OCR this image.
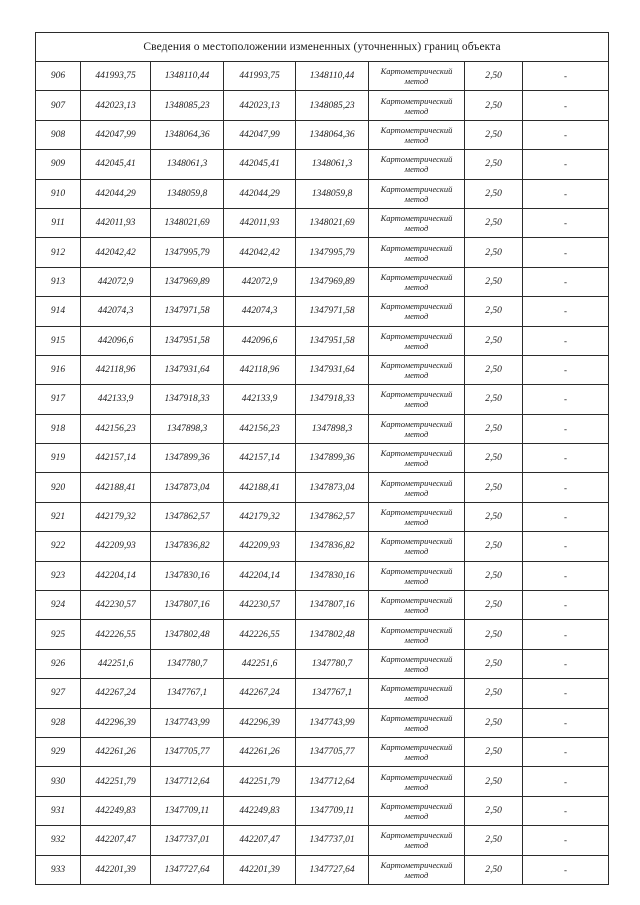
Сведения о местоположении измененных (уточненных) границ объекта							
906	441993,75	1348110,44	441993,75	1348110,44	Картометрический метод	2,50	-
907	442023,13	1348085,23	442023,13	1348085,23	Картометрический метод	2,50	-
908	442047,99	1348064,36	442047,99	1348064,36	Картометрический метод	2,50	-
909	442045,41	1348061,3	442045,41	1348061,3	Картометрический метод	2,50	-
910	442044,29	1348059,8	442044,29	1348059,8	Картометрический метод	2,50	-
911	442011,93	1348021,69	442011,93	1348021,69	Картометрический метод	2,50	-
912	442042,42	1347995,79	442042,42	1347995,79	Картометрический метод	2,50	-
913	442072,9	1347969,89	442072,9	1347969,89	Картометрический метод	2,50	-
914	442074,3	1347971,58	442074,3	1347971,58	Картометрический метод	2,50	-
915	442096,6	1347951,58	442096,6	1347951,58	Картометрический метод	2,50	-
916	442118,96	1347931,64	442118,96	1347931,64	Картометрический метод	2,50	-
917	442133,9	1347918,33	442133,9	1347918,33	Картометрический метод	2,50	-
918	442156,23	1347898,3	442156,23	1347898,3	Картометрический метод	2,50	-
919	442157,14	1347899,36	442157,14	1347899,36	Картометрический метод	2,50	-
920	442188,41	1347873,04	442188,41	1347873,04	Картометрический метод	2,50	-
921	442179,32	1347862,57	442179,32	1347862,57	Картометрический метод	2,50	-
922	442209,93	1347836,82	442209,93	1347836,82	Картометрический метод	2,50	-
923	442204,14	1347830,16	442204,14	1347830,16	Картометрический метод	2,50	-
924	442230,57	1347807,16	442230,57	1347807,16	Картометрический метод	2,50	-
925	442226,55	1347802,48	442226,55	1347802,48	Картометрический метод	2,50	-
926	442251,6	1347780,7	442251,6	1347780,7	Картометрический метод	2,50	-
927	442267,24	1347767,1	442267,24	1347767,1	Картометрический метод	2,50	-
928	442296,39	1347743,99	442296,39	1347743,99	Картометрический метод	2,50	-
929	442261,26	1347705,77	442261,26	1347705,77	Картометрический метод	2,50	-
930	442251,79	1347712,64	442251,79	1347712,64	Картометрический метод	2,50	-
931	442249,83	1347709,11	442249,83	1347709,11	Картометрический метод	2,50	-
932	442207,47	1347737,01	442207,47	1347737,01	Картометрический метод	2,50	-
933	442201,39	1347727,64	442201,39	1347727,64	Картометрический метод	2,50	-
